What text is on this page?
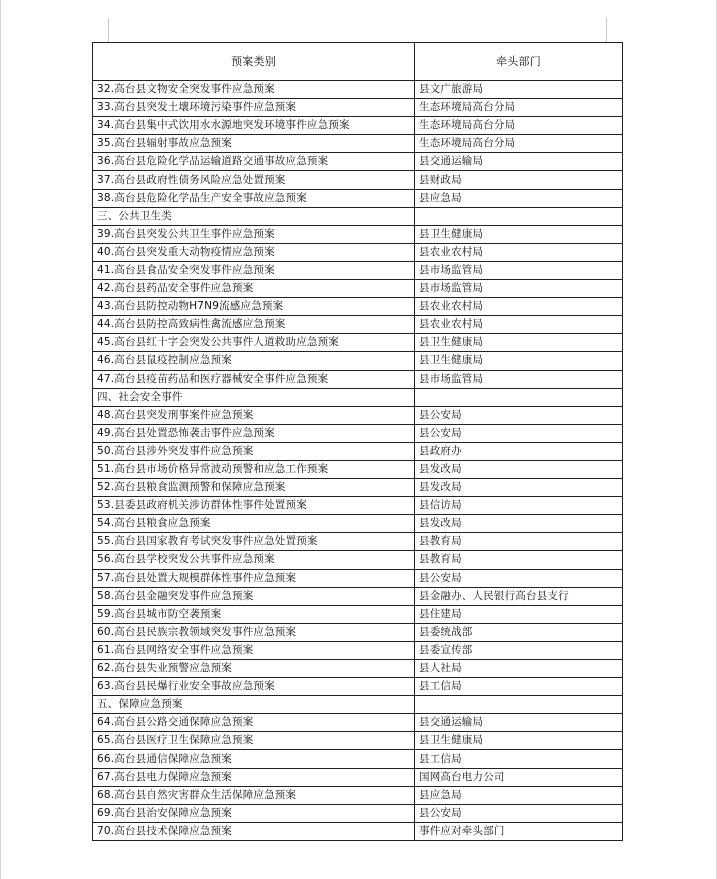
预案类别	牵头部门
32.高台县文物安全突发事件应急预案	县文广旅游局
33.高台县突发土壤环境污染事件应急预案	生态环境局高台分局
34.高台县集中式饮用水水源地突发环境事件应急预案	生态环境局高台分局
35.高台县辐射事故应急预案	生态环境局高台分局
36.高台县危险化学品运输道路交通事故应急预案	县交通运输局
37.高台县政府性债务风险应急处置预案	县财政局
38.高台县危险化学品生产安全事故应急预案	县应急局
三、公共卫生类	
39.高台县突发公共卫生事件应急预案	县卫生健康局
40.高台县突发重大动物疫情应急预案	县农业农村局
41.高台县食品安全突发事件应急预案	县市场监管局
42.高台县药品安全事件应急预案	县市场监管局
43.高台县防控动物H7N9流感应急预案	县农业农村局
44.高台县防控高致病性禽流感应急预案	县农业农村局
45.高台县红十字会突发公共事件人道救助应急预案	县卫生健康局
46.高台县鼠疫控制应急预案	县卫生健康局
47.高台县疫苗药品和医疗器械安全事件应急预案	县市场监管局
四、社会安全事件	
48.高台县突发刑事案件应急预案	县公安局
49.高台县处置恐怖袭击事件应急预案	县公安局
50.高台县涉外突发事件应急预案	县政府办
51.高台县市场价格异常波动预警和应急工作预案	县发改局
52.高台县粮食监测预警和保障应急预案	县发改局
53.县委县政府机关涉访群体性事件处置预案	县信访局
54.高台县粮食应急预案	县发改局
55.高台县国家教育考试突发事件应急处置预案	县教育局
56.高台县学校突发公共事件应急预案	县教育局
57.高台县处置大规模群体性事件应急预案	县公安局
58.高台县金融突发事件应急预案	县金融办、人民银行高台县支行
59.高台县城市防空袭预案	县住建局
60.高台县民族宗教领域突发事件应急预案	县委统战部
61.高台县网络安全事件应急预案	县委宣传部
62.高台县失业预警应急预案	县人社局
63.高台县民爆行业安全事故应急预案	县工信局
五、保障应急预案	
64.高台县公路交通保障应急预案	县交通运输局
65.高台县医疗卫生保障应急预案	县卫生健康局
66.高台县通信保障应急预案	县工信局
67.高台县电力保障应急预案	国网高台电力公司
68.高台县自然灾害群众生活保障应急预案	县应急局
69.高台县治安保障应急预案	县公安局
70.高台县技术保障应急预案	事件应对牵头部门
